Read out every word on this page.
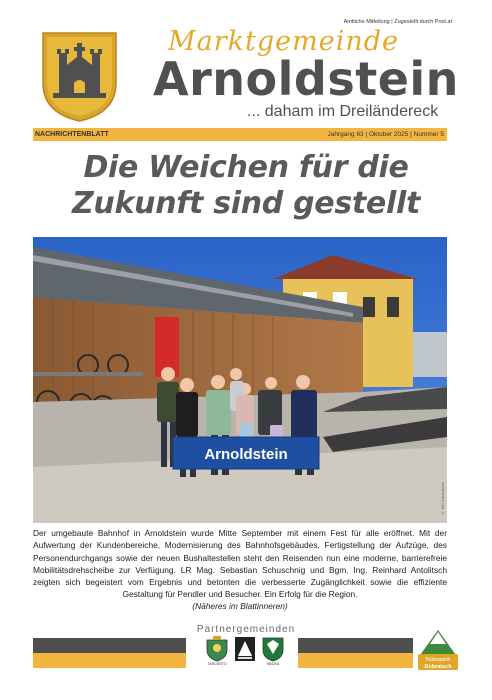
Amtliche Mitteilung | Zugestellt durch Post.at
Marktgemeinde
Arnoldstein
... daham im Dreiländereck
NACHRICHTENBLATT	Jahrgang 63 | Oktober 2025 | Nummer 5
Die Weichen für die
Zukunft sind gestellt
Arnoldstein
© MG Arnoldstein
Der umgebaute Bahnhof in Arnoldstein wurde Mitte September mit einem Fest für alle eröffnet. Mit der Aufwertung der Kundenbereiche, Modernisierung des Bahnhofsgebäudes, Fertigstellung der Aufzüge, des Personendurchgangs sowie der neuen Bushaltestellen steht den Reisenden nun eine moderne, barrierefreie Mobilitätsdrehscheibe zur Verfügung. LR Mag. Sebastian Schuschnig und Bgm. Ing. Reinhard Antolitsch zeigten sich begeistert vom Ergebnis und betonten die verbesserte Zugänglichkeit sowie die effiziente Gestaltung für Pendler und Besucher. Ein Erfolg für die Region.
(Näheres im Blattinneren)
Partnergemeinden
TARCENTO	MEDEA
Naturpark
Dobratsch
